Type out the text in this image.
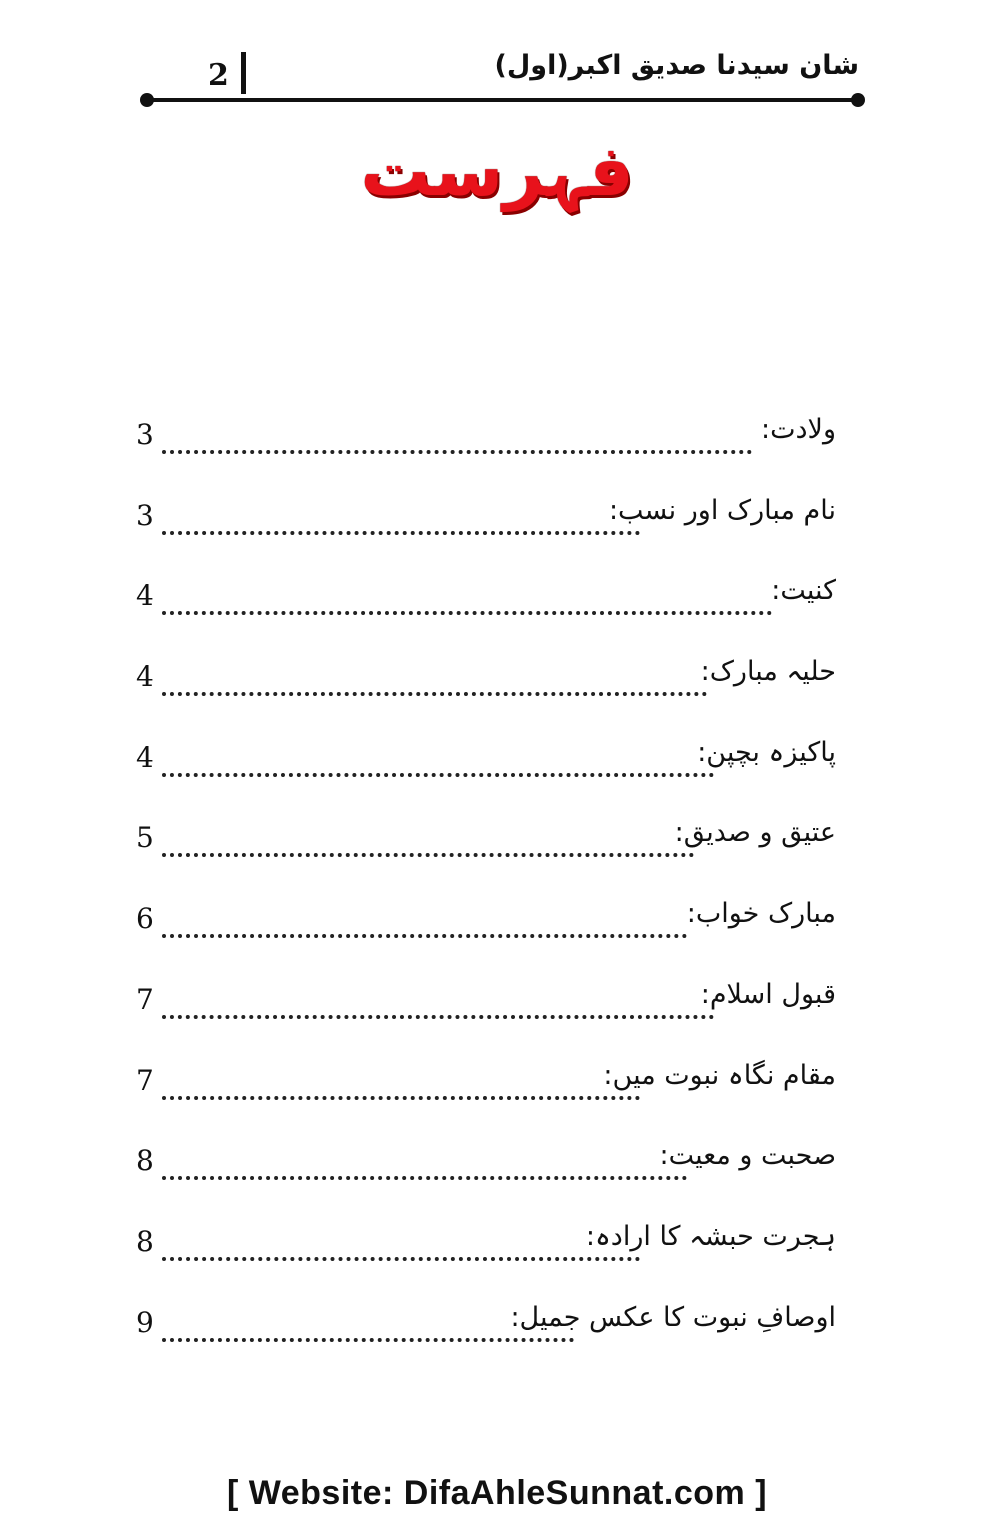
2	شان سیدنا صدیق اکبر(اول)
فہرست
3	ولادت:
3	نام مبارک اور نسب:
4	کنیت:
4	حلیہ مبارک:
4	پاکیزہ بچپن:
5	عتیق و صدیق:
6	مبارک خواب:
7	قبول اسلام:
7	مقام نگاہ نبوت میں:
8	صحبت و معیت:
8	ہجرت حبشہ کا ارادہ:
9	اوصافِ نبوت کا عکس جمیل:
[ Website: DifaAhleSunnat.com ]
